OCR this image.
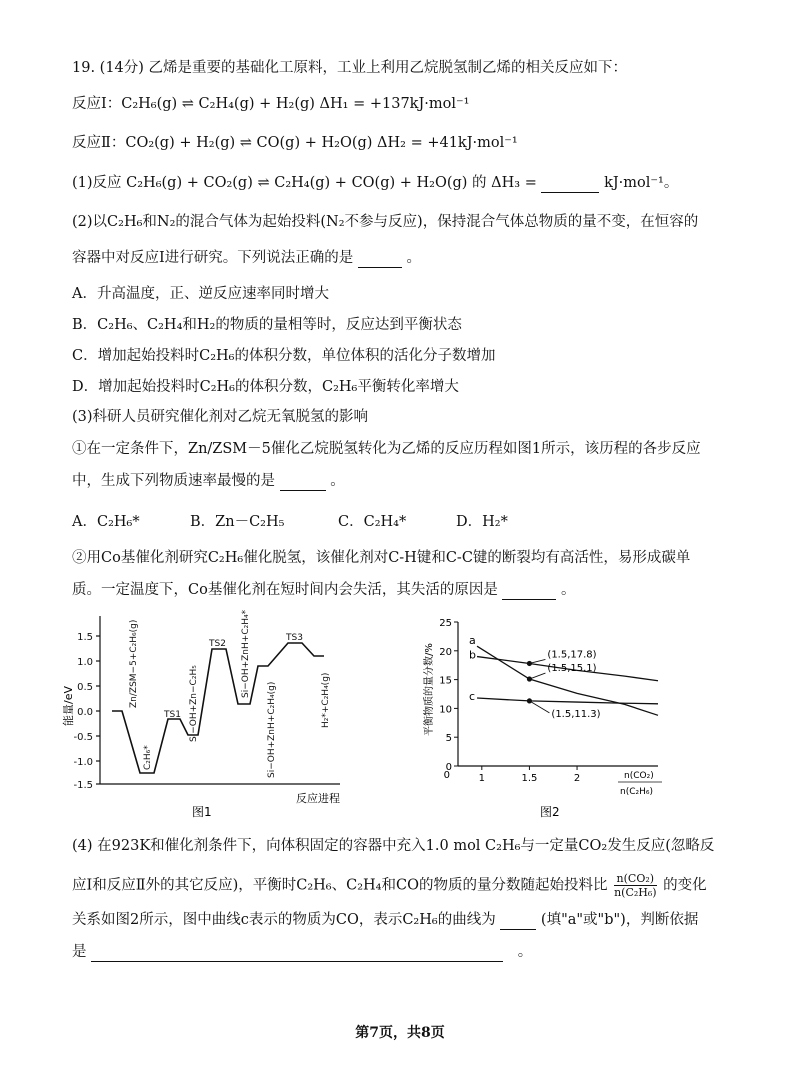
19. (14分) 乙烯是重要的基础化工原料，工业上利用乙烷脱氢制乙烯的相关反应如下：
反应Ⅰ：C₂H₆(g) ⇌ C₂H₄(g) + H₂(g) ΔH₁ = +137kJ·mol⁻¹
反应Ⅱ：CO₂(g) + H₂(g) ⇌ CO(g) + H₂O(g) ΔH₂ = +41kJ·mol⁻¹
(1)反应 C₂H₆(g) + CO₂(g) ⇌ C₂H₄(g) + CO(g) + H₂O(g) 的 ΔH₃ =	kJ·mol⁻¹。
(2)以C₂H₆和N₂的混合气体为起始投料(N₂不参与反应)，保持混合气体总物质的量不变，在恒容的
容器中对反应Ⅰ进行研究。下列说法正确的是	。
A．升高温度，正、逆反应速率同时增大
B．C₂H₆、C₂H₄和H₂的物质的量相等时，反应达到平衡状态
C．增加起始投料时C₂H₆的体积分数，单位体积的活化分子数增加
D．增加起始投料时C₂H₆的体积分数，C₂H₆平衡转化率增大
(3)科研人员研究催化剂对乙烷无氧脱氢的影响
①在一定条件下，Zn/ZSM－5催化乙烷脱氢转化为乙烯的反应历程如图1所示，该历程的各步反应
中，生成下列物质速率最慢的是	。
A．C₂H₆*	B．Zn－C₂H₅	C．C₂H₄*	D．H₂*
②用Co基催化剂研究C₂H₆催化脱氢，该催化剂对C-H键和C-C键的断裂均有高活性，易形成碳单
质。一定温度下，Co基催化剂在短时间内会失活，其失活的原因是	。
1.5
1.0
0.5
0.0
-0.5
-1.0
-1.5
能量/eV	Zn/ZSM−5+C₂H₆(g)
C₂H₆*
TS1 Si−OH+Zn−C₂H₅
TS2 Si−OH+ZnH+C₂H₄*
Si−OH+ZnH+C₂H₄(g)
TS3
H₂*+C₂H₄(g)
反应进程
图1
0
5
10
15
20
25
1	1.5	2
a
b
c
(1.5,17.8)
(1.5,15.1)
(1.5,11.3)
0
平衡物质的量分数/%
n(CO₂)
n(C₂H₆)
图2
(4) 在923K和催化剂条件下，向体积固定的容器中充入1.0 mol C₂H₆与一定量CO₂发生反应(忽略反
应Ⅰ和反应Ⅱ外的其它反应)，平衡时C₂H₆、C₂H₄和CO的物质的量分数随起始投料比 $\frac{\text{n(CO₂)}}{\text{n(C₂H₆)}}$ 的变化
关系如图2所示，图中曲线c表示的物质为CO，表示C₂H₆的曲线为	(填"a"或"b")，判断依据
是	。
第7页，共8页
